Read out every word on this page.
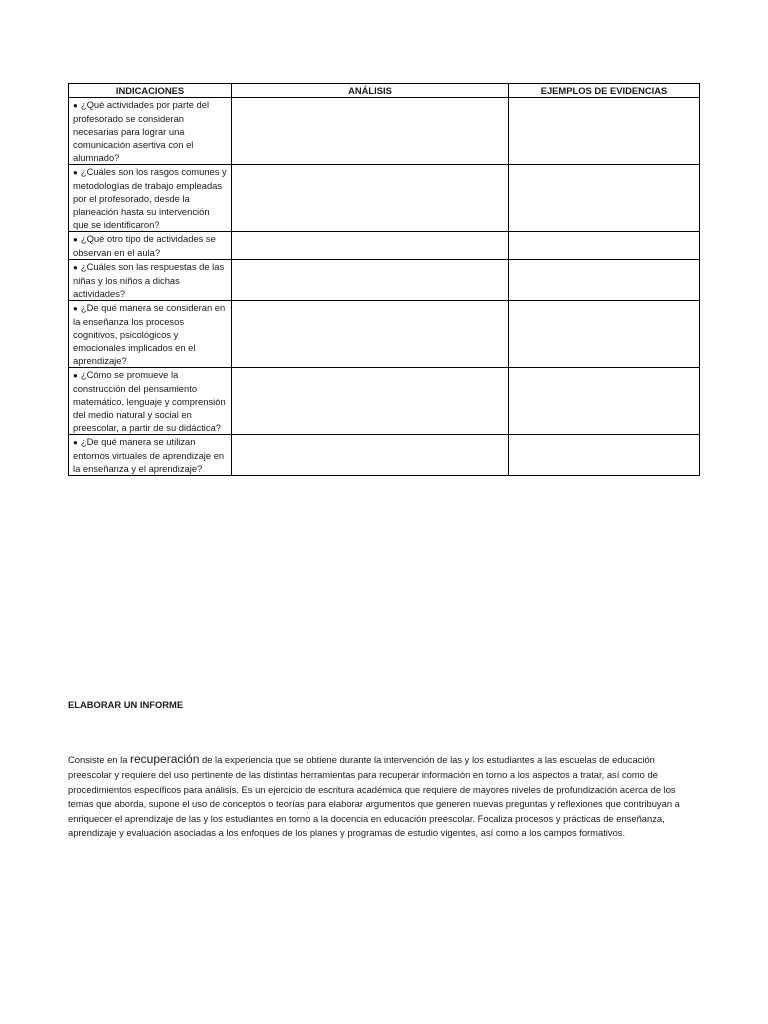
INDICACIONES	ANÁLISIS	EJEMPLOS DE EVIDENCIAS
● ¿Qué actividades por parte del profesorado se consideran necesarias para lograr una comunicación asertiva con el alumnado?		
● ¿Cuáles son los rasgos comunes y metodologías de trabajo empleadas por el profesorado, desde la planeación hasta su intervención que se identificaron?		
● ¿Qué otro tipo de actividades se observan en el aula?		
● ¿Cuáles son las respuestas de las niñas y los niños a dichas actividades?		
● ¿De qué manera se consideran en la enseñanza los procesos cognitivos, psicológicos y emocionales implicados en el aprendizaje?		
● ¿Cómo se promueve la construcción del pensamiento matemático, lenguaje y comprensión del medio natural y social en preescolar, a partir de su didáctica?		
● ¿De qué manera se utilizan entornos virtuales de aprendizaje en la enseñanza y el aprendizaje?		
ELABORAR UN INFORME

Consiste en la recuperación de la experiencia que se obtiene durante la intervención de las y los estudiantes a las escuelas de educación preescolar y requiere del uso pertinente de las distintas herramientas para recuperar información en torno a los aspectos a tratar, así como de procedimientos específicos para análisis. Es un ejercicio de escritura académica que requiere de mayores niveles de profundización acerca de los temas que aborda, supone el uso de conceptos o teorías para elaborar argumentos que generen nuevas preguntas y reflexiones que contribuyan a enriquecer el aprendizaje de las y los estudiantes en torno a la docencia en educación preescolar. Focaliza procesos y prácticas de enseñanza, aprendizaje y evaluación asociadas a los enfoques de los planes y programas de estudio vigentes, así como a los campos formativos.
